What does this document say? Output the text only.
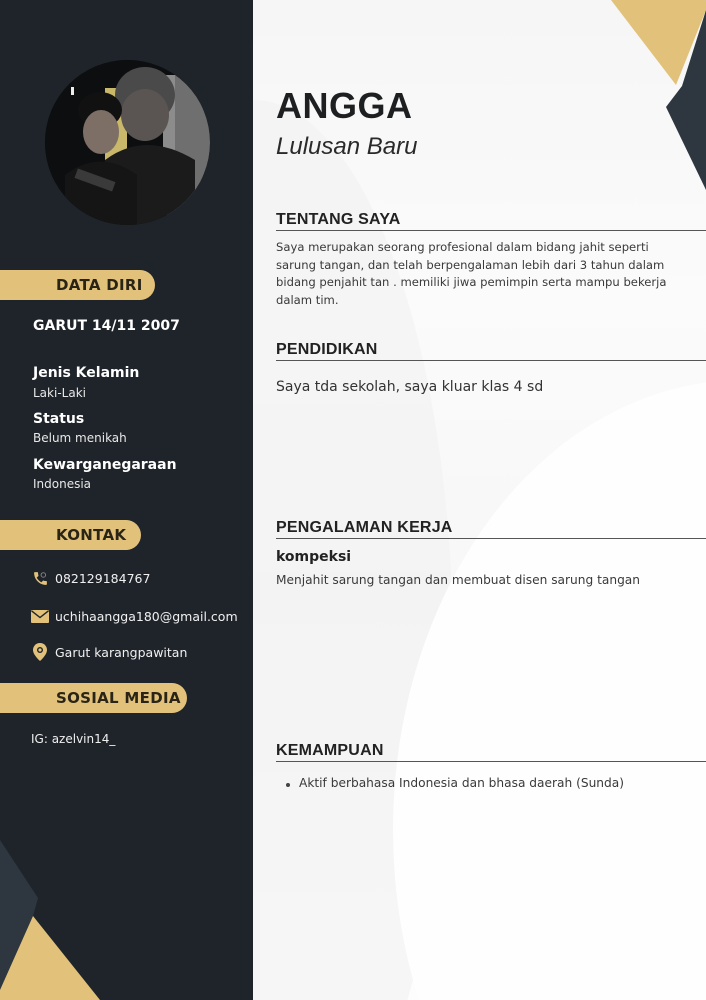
DATA DIRI
GARUT 14/11 2007
Jenis Kelamin
Laki-Laki
Status
Belum menikah
Kewarganegaraan
Indonesia
KONTAK
082129184767
uchihaangga180@gmail.com
Garut karangpawitan
SOSIAL MEDIA
IG: azelvin14_
ANGGA
Lulusan Baru
TENTANG SAYA

Saya merupakan seorang profesional dalam bidang jahit seperti sarung tangan, dan telah berpengalaman lebih dari 3 tahun dalam bidang penjahit tan . memiliki jiwa pemimpin serta mampu bekerja dalam tim.

PENDIDIKAN

Saya tda sekolah, saya kluar klas 4 sd

PENGALAMAN KERJA
kompeksi
Menjahit sarung tangan dan membuat disen sarung tangan
KEMAMPUAN
Aktif berbahasa Indonesia dan bhasa daerah (Sunda)
